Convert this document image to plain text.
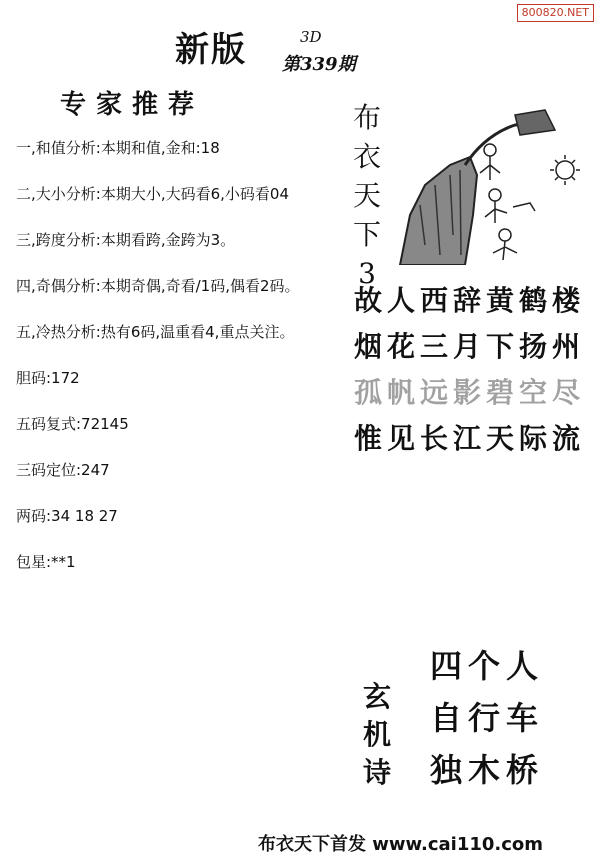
800820.NET
新版	3D
第339期
专家推荐
一,和值分析:本期和值,金和:18
二,大小分析:本期大小,大码看6,小码看04
三,跨度分析:本期看跨,金跨为3。
四,奇偶分析:本期奇偶,奇看/1码,偶看2码。
五,冷热分析:热有6码,温重看4,重点关注。
胆码:172
五码复式:72145
三码定位:247
两码:34 18 27
包星:**1
布
衣
天
下
3
故人西辞黄鹤楼
烟花三月下扬州
孤帆远影碧空尽
惟见长江天际流
玄
机
诗
四个人
自行车
独木桥
布衣天下首发 www.cai110.com
